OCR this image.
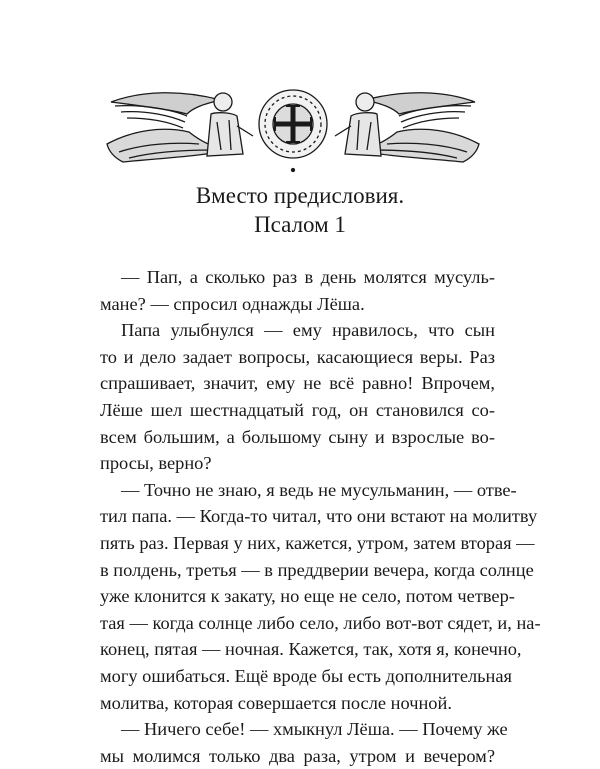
Вместо предисловия.
Псалом 1
— Пап, а сколько раз в день молятся мусуль-
мане? — спросил однажды Лёша.
Папа улыбнулся — ему нравилось, что сын
то и дело задает вопросы, касающиеся веры. Раз
спрашивает, значит, ему не всё равно! Впрочем,
Лёше шел шестнадцатый год, он становился со-
всем большим, а большому сыну и взрослые во-
просы, верно?
— Точно не знаю, я ведь не мусульманин, — отве-
тил папа. — Когда-то читал, что они встают на молитву
пять раз. Первая у них, кажется, утром, затем вторая —
в полдень, третья — в преддверии вечера, когда солнце
уже клонится к закату, но еще не село, потом четвер-
тая — когда солнце либо село, либо вот-вот сядет, и, на-
конец, пятая — ночная. Кажется, так, хотя я, конечно,
могу ошибаться. Ещё вроде бы есть дополнительная
молитва, которая совершается после ночной.
— Ничего себе! — хмыкнул Лёша. — Почему же
мы молимся только два раза, утром и вечером?
